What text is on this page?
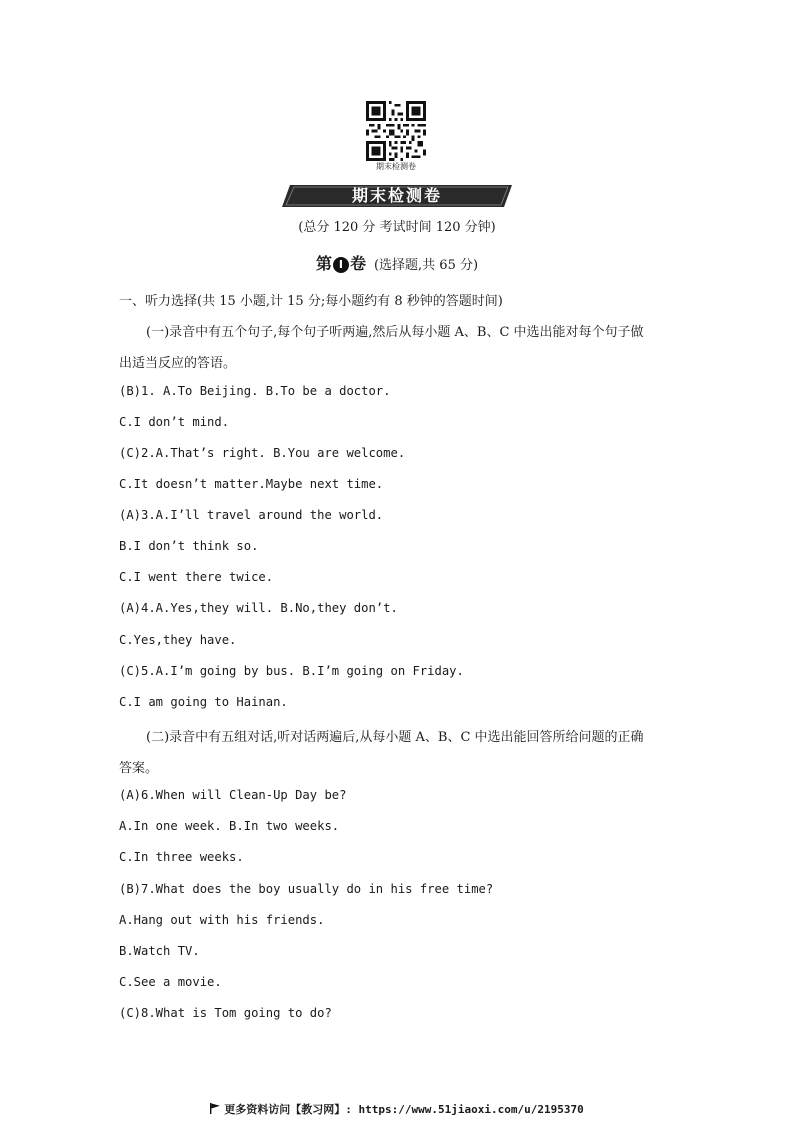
期末检测卷
期末检测卷
(总分 120 分 考试时间 120 分钟)
第 Ⅰ 卷 (选择题,共 65 分)
一、听力选择(共 15 小题,计 15 分;每小题约有 8 秒钟的答题时间)
(一)录音中有五个句子,每个句子听两遍,然后从每小题 A、B、C 中选出能对每个句子做
出适当反应的答语。
(B)1. A.To Beijing. B.To be a doctor.
C.I don’t mind.
(C)2.A.That’s right. B.You are welcome.
C.It doesn’t matter.Maybe next time.
(A)3.A.I’ll travel around the world.
B.I don’t think so.
C.I went there twice.
(A)4.A.Yes,they will. B.No,they don’t.
C.Yes,they have.
(C)5.A.I’m going by bus. B.I’m going on Friday.
C.I am going to Hainan.
(二)录音中有五组对话,听对话两遍后,从每小题 A、B、C 中选出能回答所给问题的正确
答案。
(A)6.When will Clean-Up Day be?
A.In one week. B.In two weeks.
C.In three weeks.
(B)7.What does the boy usually do in his free time?
A.Hang out with his friends.
B.Watch TV.
C.See a movie.
(C)8.What is Tom going to do?
更多资料访问【教习网】: https://www.51jiaoxi.com/u/2195370
